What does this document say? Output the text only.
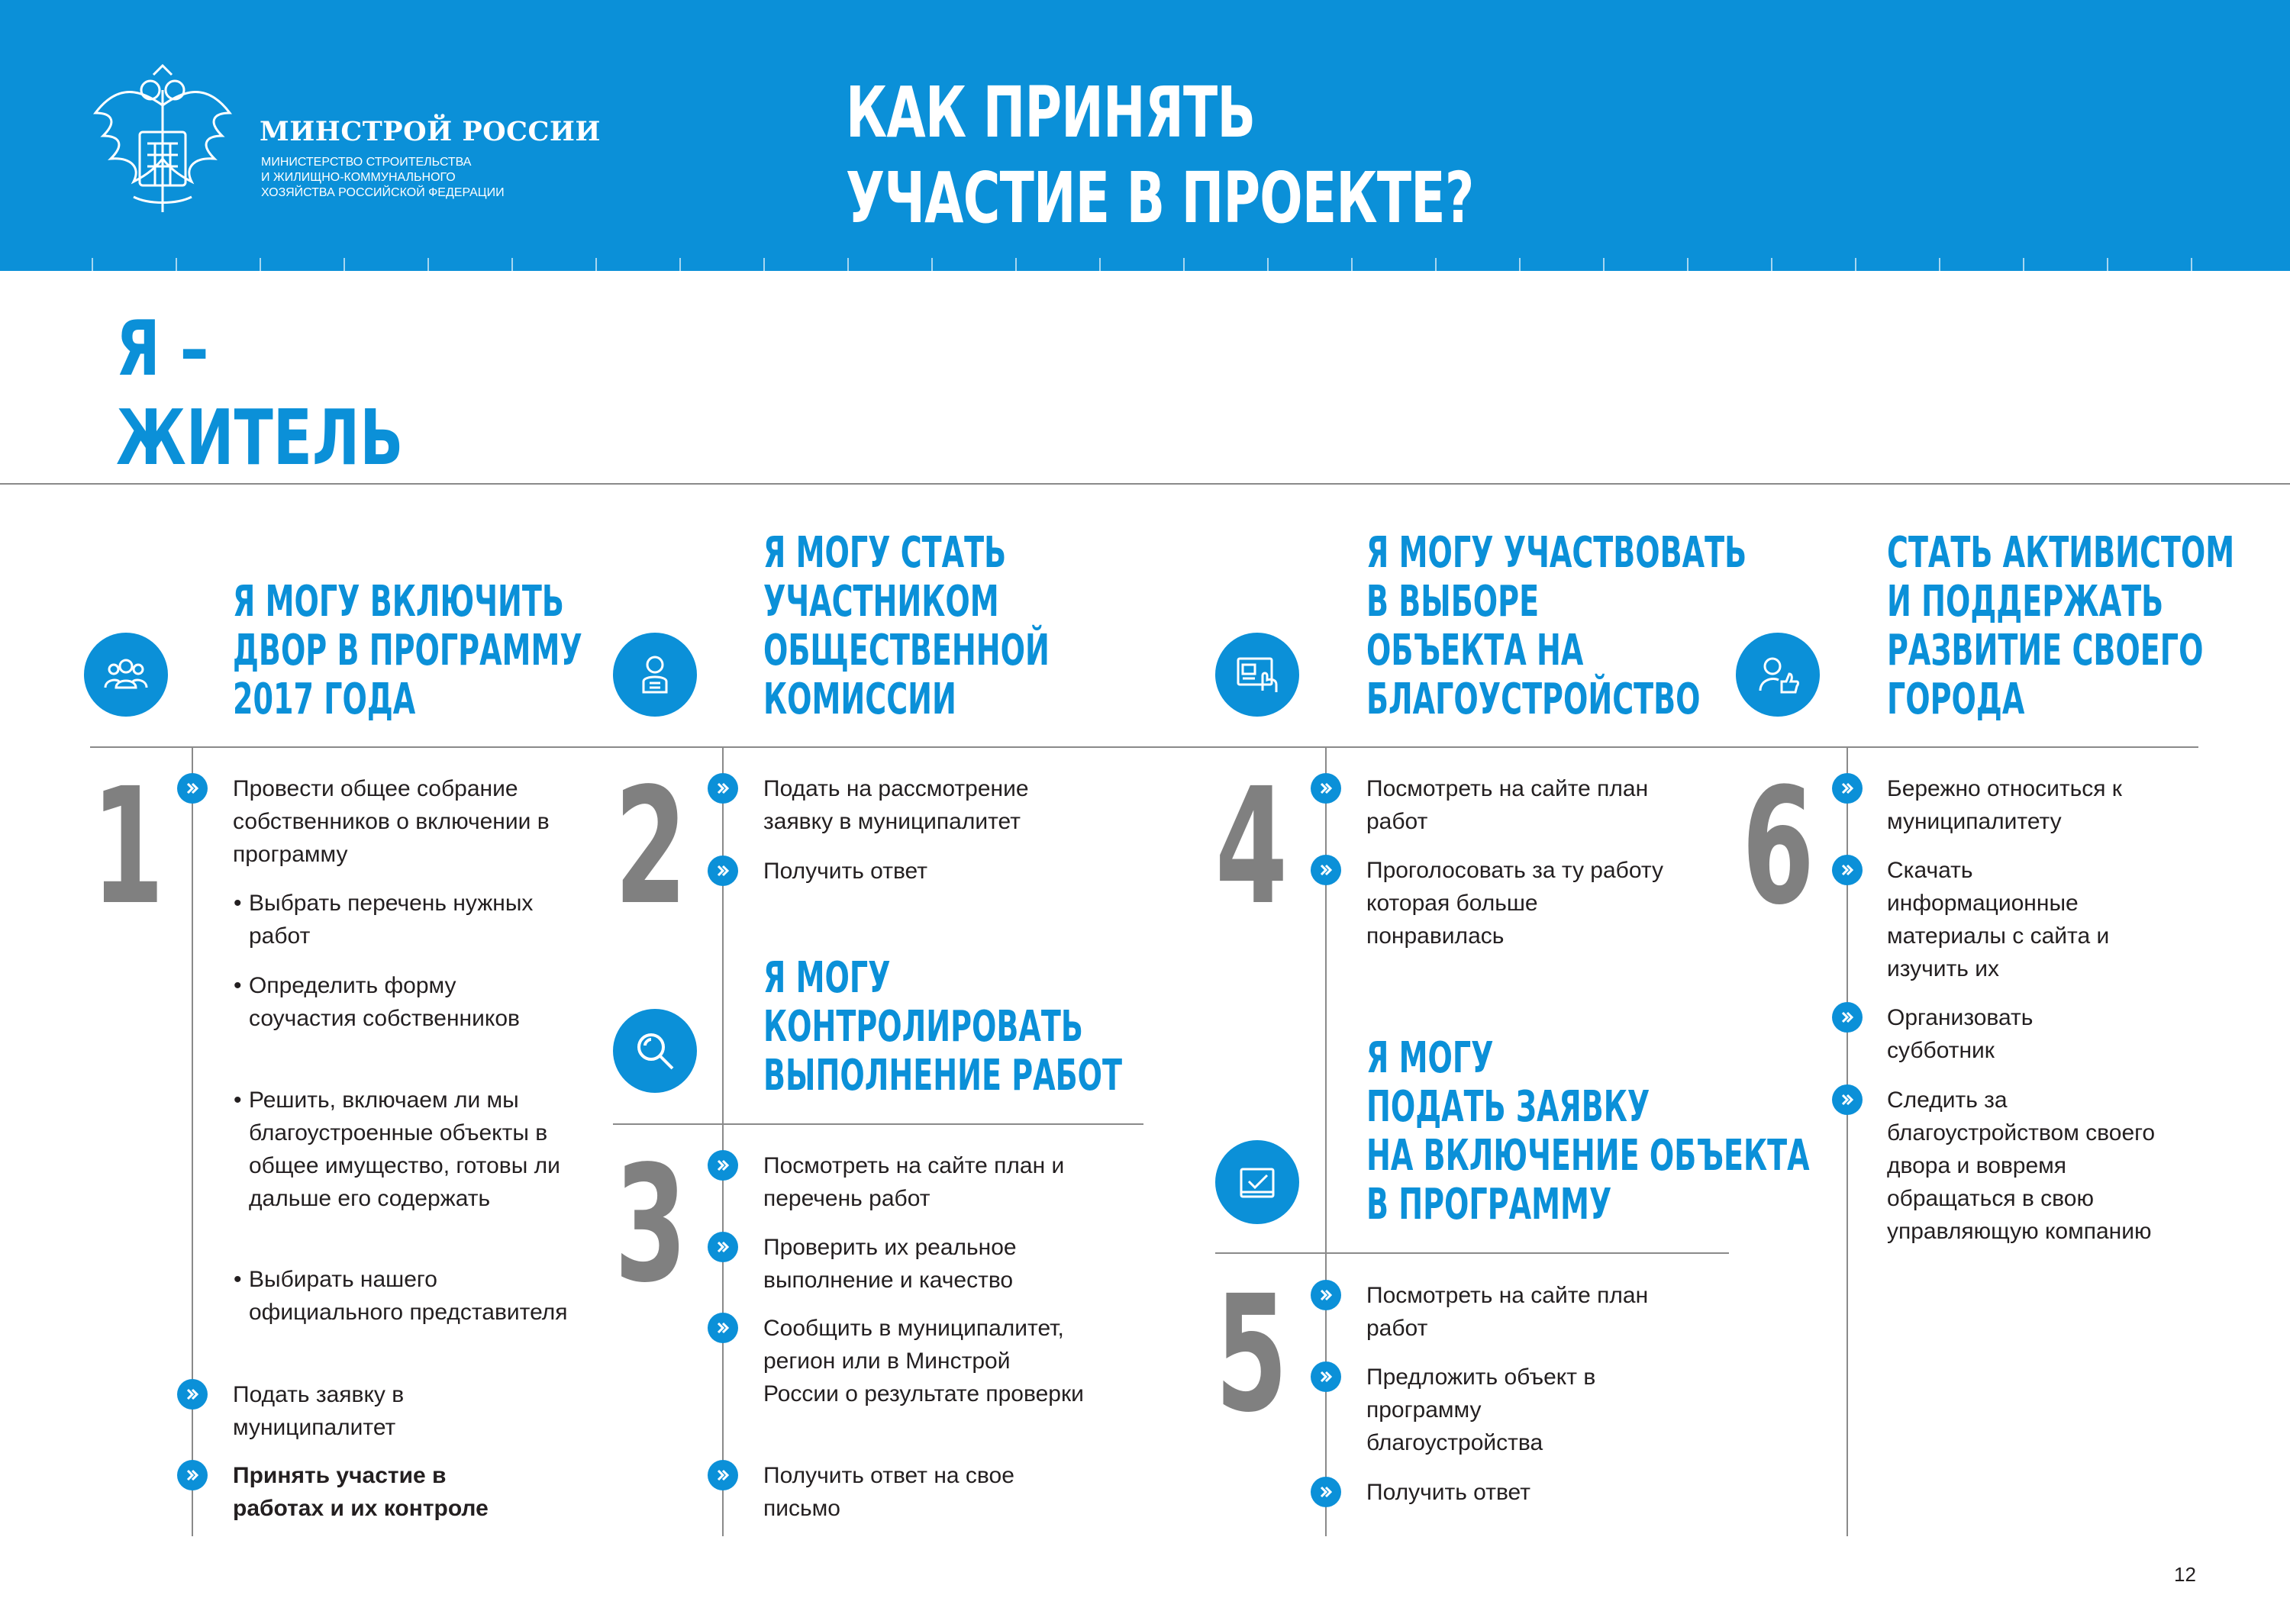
МИНСТРОЙ РОССИИ
МИНИСТЕРСТВО СТРОИТЕЛЬСТВА
И ЖИЛИЩНО-КОММУНАЛЬНОГО
ХОЗЯЙСТВА РОССИЙСКОЙ ФЕДЕРАЦИИ
КАК ПРИНЯТЬ
УЧАСТИЕ В ПРОЕКТЕ?
Я –
ЖИТЕЛЬ
Я МОГУ ВКЛЮЧИТЬ
ДВОР В ПРОГРАММУ
2017 ГОДА
1	Провести общее собрание собственников о включении в программу
• Выбрать перечень нужных работ
• Определить форму соучастия собственников
• Решить, включаем ли мы благоустроенные объекты в общее имущество, готовы ли дальше его содержать
• Выбирать нашего официального представителя
Подать заявку в муниципалитет
Принять участие в работах и их контроле
Я МОГУ СТАТЬ
УЧАСТНИКОМ
ОБЩЕСТВЕННОЙ
КОМИССИИ
2	Подать на рассмотрение заявку в муниципалитет
Получить ответ
Я МОГУ
КОНТРОЛИРОВАТЬ
ВЫПОЛНЕНИЕ РАБОТ
3	Посмотреть на сайте план и перечень работ
Проверить их реальное выполнение и качество
Сообщить в муниципалитет, регион или в Минстрой России о результате проверки
Получить ответ на свое письмо
Я МОГУ УЧАСТВОВАТЬ
В ВЫБОРЕ
ОБЪЕКТА НА
БЛАГОУСТРОЙСТВО
4	Посмотреть на сайте план работ
Проголосовать за ту работу которая больше понравилась
Я МОГУ
ПОДАТЬ ЗАЯВКУ
НА ВКЛЮЧЕНИЕ ОБЪЕКТА
В ПРОГРАММУ
5	Посмотреть на сайте план работ
Предложить объект в программу благоустройства
Получить ответ
СТАТЬ АКТИВИСТОМ
И ПОДДЕРЖАТЬ
РАЗВИТИЕ СВОЕГО
ГОРОДА
6	Бережно относиться к муниципалитету
Скачать информационные материалы с сайта и изучить их
Организовать субботник
Следить за благоустройством своего двора и вовремя обращаться в свою управляющую компанию
12
